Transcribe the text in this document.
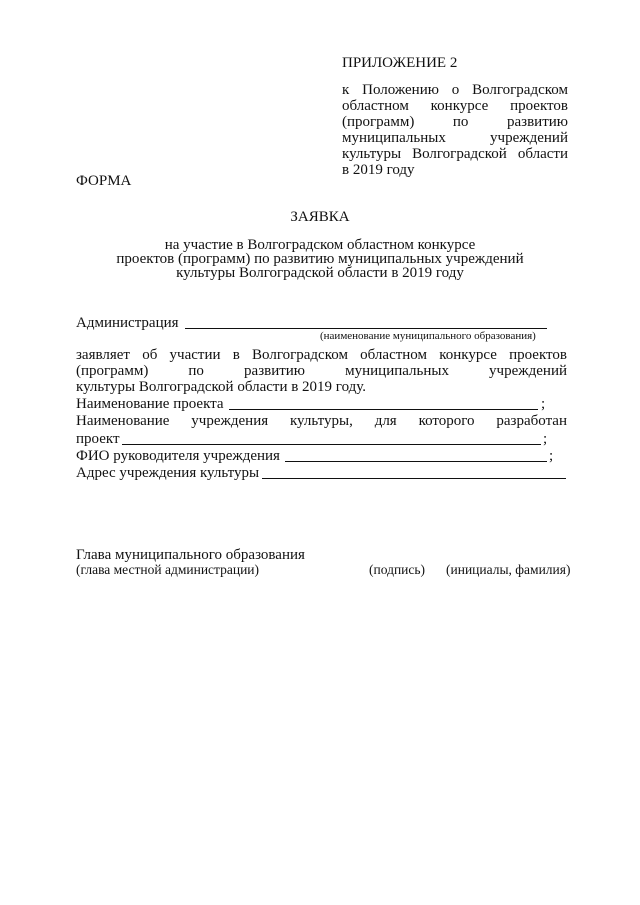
ПРИЛОЖЕНИЕ 2
к Положению о Волгоградском
областном конкурсе проектов
(программ) по развитию
муниципальных учреждений
культуры Волгоградской области
в 2019 году
ФОРМА
ЗАЯВКА
на участие в Волгоградском областном конкурсе
проектов (программ) по развитию муниципальных учреждений
культуры Волгоградской области в 2019 году
Администрация
(наименование муниципального образования)
заявляет об участии в Волгоградском областном конкурсе проектов
(программ) по развитию муниципальных учреждений
культуры Волгоградской области в 2019 году.
Наименование проекта	;
Наименование учреждения культуры, для которого разработан
проект	;
ФИО руководителя учреждения	;
Адрес учреждения культуры
Глава муниципального образования
(глава местной администрации)	(подпись) (инициалы, фамилия)
